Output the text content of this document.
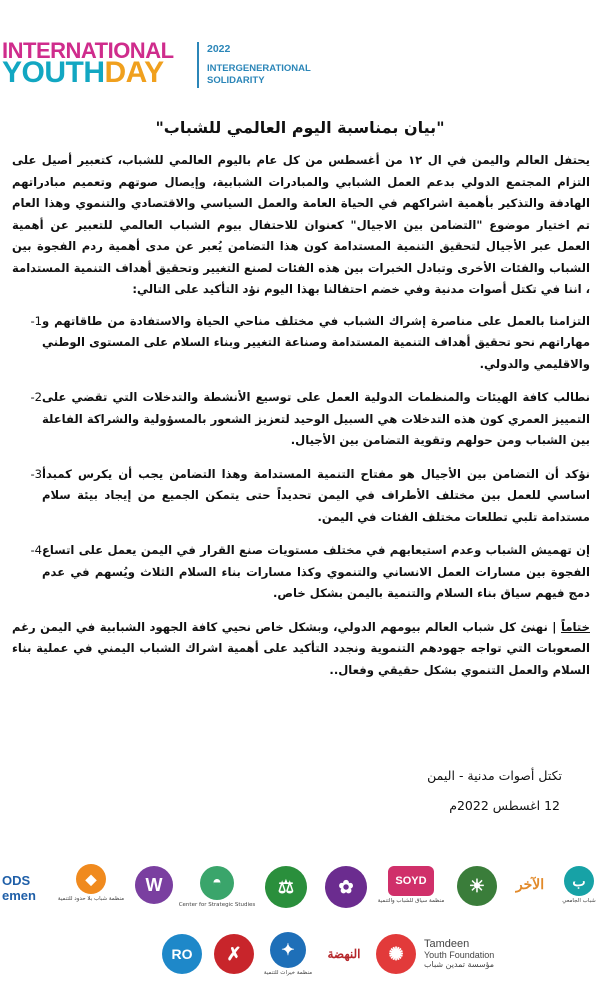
INTERNATIONAL
YOUTHDAY
2022
INTERGENERATIONAL
SOLIDARITY
"بيان بمناسبة اليوم العالمي للشباب"
يحتفل العالم واليمن في ال ١٢ من أغسطس من كل عام باليوم العالمي للشباب، كتعبير أصيل على التزام المجتمع الدولي بدعم العمل الشبابي والمبادرات الشبابية، وإيصال صوتهم وتعميم مبادراتهم الهادفة والتذكير بأهمية اشراكهم في الحياة العامة والعمل السياسي والاقتصادي والتنموي وهذا العام تم اختيار موضوع "التضامن بين الاجيال" كعنوان للاحتفال بيوم الشباب العالمي للتعبير عن أهمية العمل عبر الأجيال لتحقيق التنمية المستدامة كون هذا التضامن يُعبر عن مدى أهمية ردم الفجوة بين الشباب والفئات الأخرى وتبادل الخبرات بين هذه الفئات لصنع التغيير وتحقيق أهداف التنمية المستدامة ، اننا في تكتل أصوات مدنية وفي خضم احتفالنا بهذا اليوم نؤد التأكيد على التالي:
التزامنا بالعمل على مناصرة إشراك الشباب في مختلف مناحي الحياة والاستفادة من طاقاتهم و مهاراتهم نحو تحقيق أهداف التنمية المستدامة وصناعة التغيير وبناء السلام على المستوى الوطني والاقليمي والدولي.
-1
نطالب كافة الهيئات والمنظمات الدولية العمل على توسيع الأنشطة والتدخلات التي تقضي على التمييز العمري كون هذه التدخلات هي السبيل الوحيد لتعزيز الشعور بالمسؤولية والشراكة الفاعلة بين الشباب ومن حولهم وتقوية التضامن بين الأجيال.
-2
نؤكد أن التضامن بين الأجيال هو مفتاح التنمية المستدامة وهذا التضامن يجب أن يكرس كمبدأ اساسي للعمل بين مختلف الأطراف في اليمن تحديداً حتى يتمكن الجميع من إيجاد بيئة سلام مستدامة تلبي تطلعات مختلف الفئات في اليمن.
-3
إن تهميش الشباب وعدم استيعابهم في مختلف مستويات صنع القرار في اليمن يعمل على اتساع الفجوة بين مسارات العمل الانساني والتنموي وكذا مسارات بناء السلام الثلاث ويُسهم في عدم دمج فيهم سياق بناء السلام والتنمية باليمن بشكل خاص.
-4
ختاماً | نهنئ كل شباب العالم بيومهم الدولي، وبشكل خاص نحيي كافة الجهود الشبابية في اليمن رغم الصعوبات التي تواجه جهودهم التنموية ونجدد التأكيد على أهمية اشراك الشباب اليمني في عملية بناء السلام والعمل التنموي بشكل حقيقي وفعال..
تكتل أصوات مدنية - اليمن
12 اغسطس 2022م
ODS emen
◆
منظمة شباب بلا حدود للتنمية
W	◓
Center for Strategic Studies
⚖	✿	SOYD
منظمة سياق للشباب والتنمية
☀	الآخر	ب
شباب الجامعي
RO	✗	✦
منظمة خيرات للتنمية
النهضة	✺	Tamdeen
Youth Foundation
مؤسسة تمدين شباب
